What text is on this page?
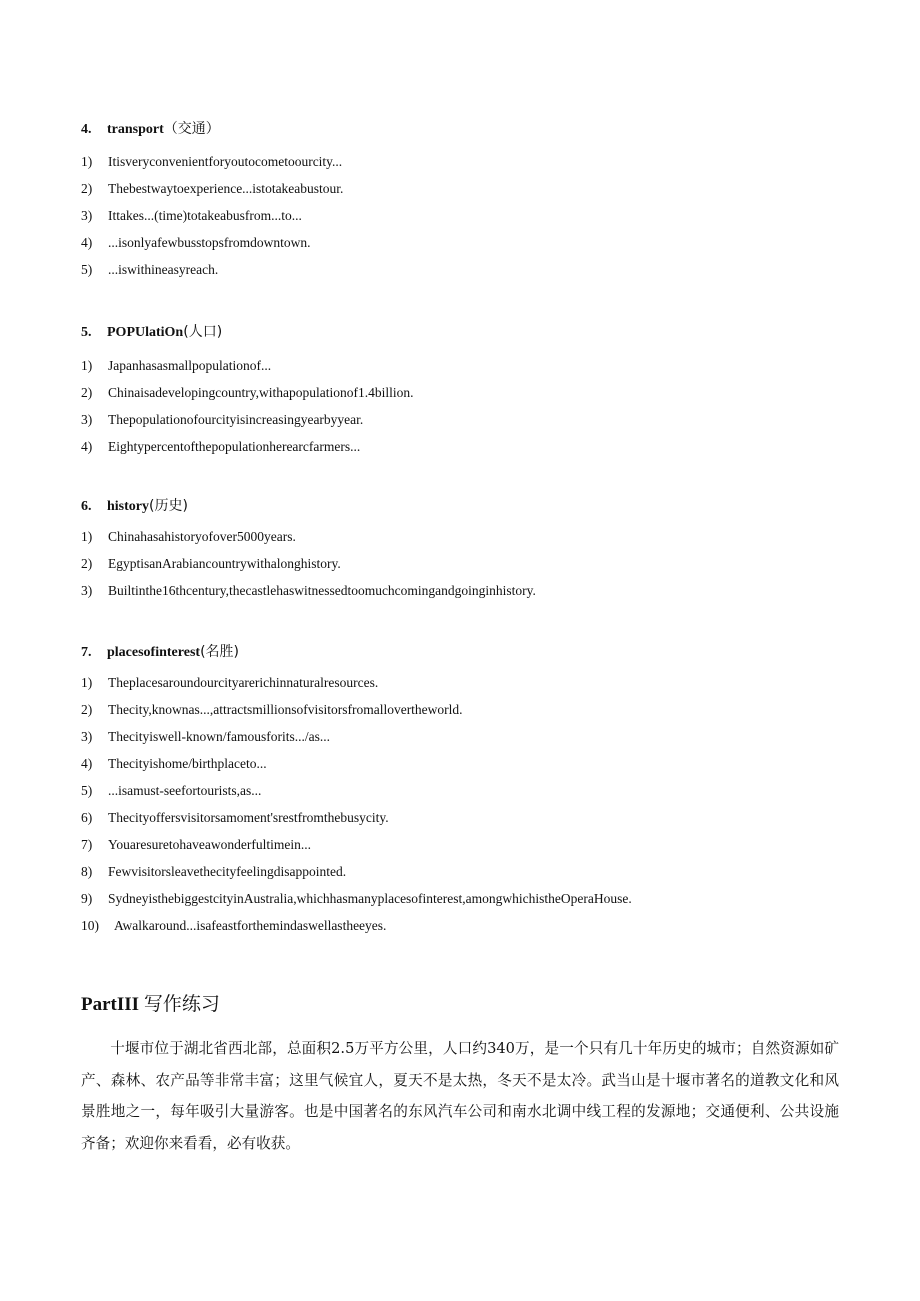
4. transport（交通）
1) Itisveryconvenientforyoutocometoourcity...
2) Thebestwaytoexperience...istotakeabustour.
3) Ittakes...(time)totakeabusfrom...to...
4) ...isonlyafewbusstopsfromdowntown.
5) ...iswithineasyreach.
5. POPUlatiOn(人口)
1) Japanhasasmallpopulationof...
2) Chinaisadevelopingcountry,withapopulationof1.4billion.
3) Thepopulationofourcityisincreasingyearbyyear.
4) Eightypercentofthepopulationherearcfarmers...
6. history(历史)
1) Chinahasahistoryofover5000years.
2) EgyptisanArabiancountrywithalonghistory.
3) Builtinthe16thcentury,thecastlehaswitnessedtoomuchcomingandgoinginhistory.
7. placesofinterest(名胜)
1) Theplacesaroundourcityarerichinnaturalresources.
2) Thecity,knownas...,attractsmillionsofvisitorsfromallovertheworld.
3) Thecityiswell-known/famousforits.../as...
4) Thecityishome/birthplaceto...
5) ...isamust-seefortourists,as...
6) Thecityoffersvisitorsamoment'srestfromthebusycity.
7) Youaresuretohaveawonderfultimein...
8) Fewvisitorsleavethecityfeelingdisappointed.
9) SydneyisthebiggestcityinAustralia,whichhasmanyplacesofinterest,amongwhichistheOperaHouse.
10) Awalkaround...isafeastforthemindaswellastheeyes.
PartIII 写作练习

十堰市位于湖北省西北部，总面积2.5万平方公里，人口约340万，是一个只有几十年历史的城市；自然资源如矿产、森林、农产品等非常丰富；这里气候宜人，夏天不是太热，冬天不是太冷。武当山是十堰市著名的道教文化和风景胜地之一，每年吸引大量游客。也是中国著名的东风汽车公司和南水北调中线工程的发源地；交通便利、公共设施齐备；欢迎你来看看，必有收获。
